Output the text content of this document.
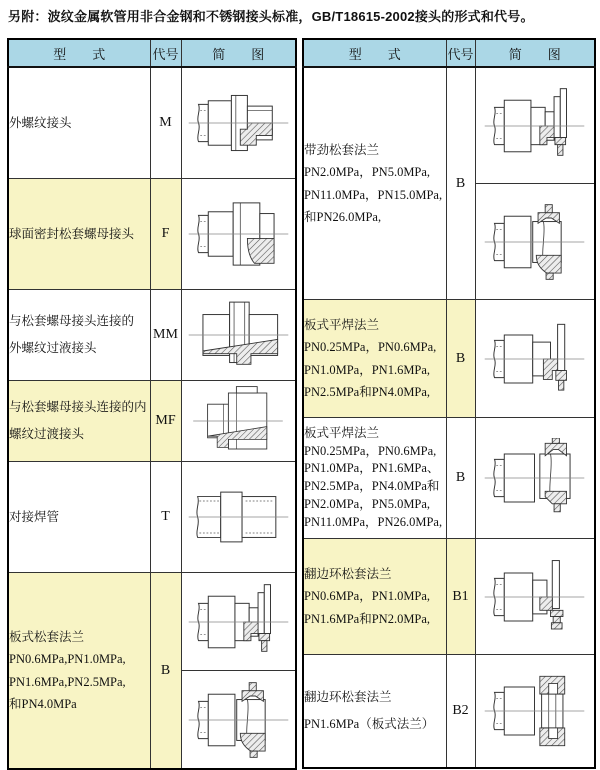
另附：波纹金属软管用非合金钢和不锈钢接头标准，GB/T18615-2002接头的形式和代号。
型　　式	代号	简　　图

外螺纹接头	M	

球面密封松套螺母接头	F	

与松套螺母接头连接的
外螺纹过液接头	MM	

与松套螺母接头连接的内
螺纹过渡接头	MF	

对接焊管	T	

板式松套法兰
PN0.6MPa,PN1.0MPa,
PN1.6MPa,PN2.5MPa,
和PN4.0MPa	B	
型　　式	代号	简　　图

带劲松套法兰
PN2.0MPa，PN5.0MPa,
PN11.0MPa，PN15.0MPa,
和PN26.0MPa,	B	

板式平焊法兰
PN0.25MPa，PN0.6MPa,
PN1.0MPa，PN1.6MPa,
PN2.5MPa和PN4.0MPa,	B	

板式平焊法兰
PN0.25MPa，PN0.6MPa,
PN1.0MPa，PN1.6MPa、
PN2.5MPa，PN4.0MPa和
PN2.0MPa，PN5.0MPa,
PN11.0MPa，PN26.0MPa,
	B	

翻边环松套法兰
PN0.6MPa，PN1.0MPa,
PN1.6MPa和PN2.0MPa,	B1	

翻边环松套法兰
PN1.6MPa（板式法兰）	B2	
